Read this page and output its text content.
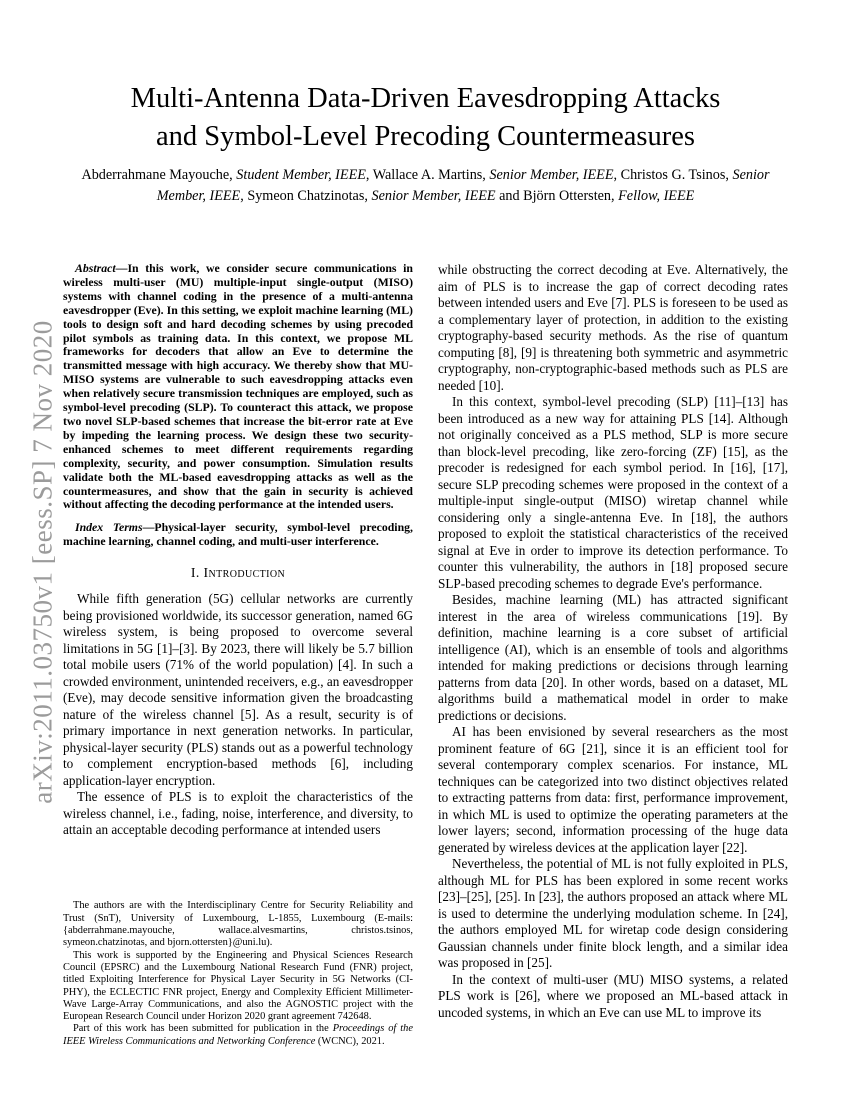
arXiv:2011.03750v1 [eess.SP] 7 Nov 2020
Multi-Antenna Data-Driven Eavesdropping Attacks
and Symbol-Level Precoding Countermeasures
Abderrahmane Mayouche, Student Member, IEEE, Wallace A. Martins, Senior Member, IEEE, Christos G. Tsinos, Senior Member, IEEE, Symeon Chatzinotas, Senior Member, IEEE and Björn Ottersten, Fellow, IEEE

Abstract—In this work, we consider secure communications in wireless multi-user (MU) multiple-input single-output (MISO) systems with channel coding in the presence of a multi-antenna eavesdropper (Eve). In this setting, we exploit machine learning (ML) tools to design soft and hard decoding schemes by using precoded pilot symbols as training data. In this context, we propose ML frameworks for decoders that allow an Eve to determine the transmitted message with high accuracy. We thereby show that MU-MISO systems are vulnerable to such eavesdropping attacks even when relatively secure transmission techniques are employed, such as symbol-level precoding (SLP). To counteract this attack, we propose two novel SLP-based schemes that increase the bit-error rate at Eve by impeding the learning process. We design these two security-enhanced schemes to meet different requirements regarding complexity, security, and power consumption. Simulation results validate both the ML-based eavesdropping attacks as well as the countermeasures, and show that the gain in security is achieved without affecting the decoding performance at the intended users.

Index Terms—Physical-layer security, symbol-level precoding, machine learning, channel coding, and multi-user interference.

I. Introduction

While fifth generation (5G) cellular networks are currently being provisioned worldwide, its successor generation, named 6G wireless system, is being proposed to overcome several limitations in 5G [1]–[3]. By 2023, there will likely be 5.7 billion total mobile users (71% of the world population) [4]. In such a crowded environment, unintended receivers, e.g., an eavesdropper (Eve), may decode sensitive information given the broadcasting nature of the wireless channel [5]. As a result, security is of primary importance in next generation networks. In particular, physical-layer security (PLS) stands out as a powerful technology to complement encryption-based methods [6], including application-layer encryption.

The essence of PLS is to exploit the characteristics of the wireless channel, i.e., fading, noise, interference, and diversity, to attain an acceptable decoding performance at intended users

The authors are with the Interdisciplinary Centre for Security Reliability and Trust (SnT), University of Luxembourg, L-1855, Luxembourg (E-mails: {abderrahmane.mayouche, wallace.alvesmartins, christos.tsinos, symeon.chatzinotas, and bjorn.ottersten}@uni.lu).

This work is supported by the Engineering and Physical Sciences Research Council (EPSRC) and the Luxembourg National Research Fund (FNR) project, titled Exploiting Interference for Physical Layer Security in 5G Networks (CI-PHY), the ECLECTIC FNR project, Energy and Complexity Efficient Millimeter-Wave Large-Array Communications, and also the AGNOSTIC project with the European Research Council under Horizon 2020 grant agreement 742648.

Part of this work has been submitted for publication in the Proceedings of the IEEE Wireless Communications and Networking Conference (WCNC), 2021.

while obstructing the correct decoding at Eve. Alternatively, the aim of PLS is to increase the gap of correct decoding rates between intended users and Eve [7]. PLS is foreseen to be used as a complementary layer of protection, in addition to the existing cryptography-based security methods. As the rise of quantum computing [8], [9] is threatening both symmetric and asymmetric cryptography, non-cryptographic-based methods such as PLS are needed [10].

In this context, symbol-level precoding (SLP) [11]–[13] has been introduced as a new way for attaining PLS [14]. Although not originally conceived as a PLS method, SLP is more secure than block-level precoding, like zero-forcing (ZF) [15], as the precoder is redesigned for each symbol period. In [16], [17], secure SLP precoding schemes were proposed in the context of a multiple-input single-output (MISO) wiretap channel while considering only a single-antenna Eve. In [18], the authors proposed to exploit the statistical characteristics of the received signal at Eve in order to improve its detection performance. To counter this vulnerability, the authors in [18] proposed secure SLP-based precoding schemes to degrade Eve's performance.

Besides, machine learning (ML) has attracted significant interest in the area of wireless communications [19]. By definition, machine learning is a core subset of artificial intelligence (AI), which is an ensemble of tools and algorithms intended for making predictions or decisions through learning patterns from data [20]. In other words, based on a dataset, ML algorithms build a mathematical model in order to make predictions or decisions.

AI has been envisioned by several researchers as the most prominent feature of 6G [21], since it is an efficient tool for several contemporary complex scenarios. For instance, ML techniques can be categorized into two distinct objectives related to extracting patterns from data: first, performance improvement, in which ML is used to optimize the operating parameters at the lower layers; second, information processing of the huge data generated by wireless devices at the application layer [22].

Nevertheless, the potential of ML is not fully exploited in PLS, although ML for PLS has been explored in some recent works [23]–[25], [25]. In [23], the authors proposed an attack where ML is used to determine the underlying modulation scheme. In [24], the authors employed ML for wiretap code design considering Gaussian channels under finite block length, and a similar idea was proposed in [25].

In the context of multi-user (MU) MISO systems, a related PLS work is [26], where we proposed an ML-based attack in uncoded systems, in which an Eve can use ML to improve its
